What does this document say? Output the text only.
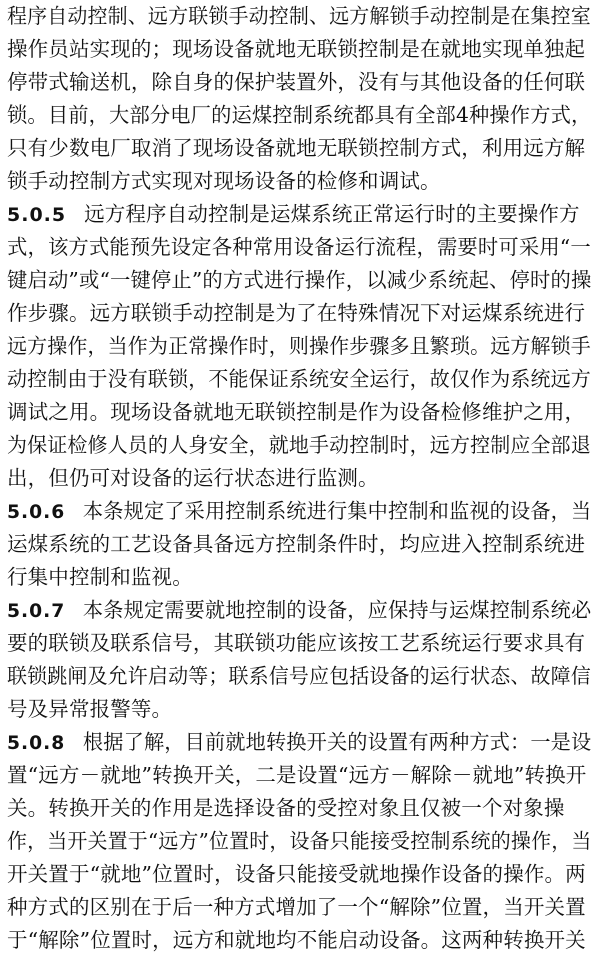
程序自动控制、远方联锁手动控制、远方解锁手动控制是在集控室
操作员站实现的；现场设备就地无联锁控制是在就地实现单独起
停带式输送机，除自身的保护装置外，没有与其他设备的任何联
锁。目前，大部分电厂的运煤控制系统都具有全部4种操作方式，
只有少数电厂取消了现场设备就地无联锁控制方式，利用远方解
锁手动控制方式实现对现场设备的检修和调试。
5.0.5 远方程序自动控制是运煤系统正常运行时的主要操作方
式，该方式能预先设定各种常用设备运行流程，需要时可采用“一
键启动”或“一键停止”的方式进行操作，以减少系统起、停时的操
作步骤。远方联锁手动控制是为了在特殊情况下对运煤系统进行
远方操作，当作为正常操作时，则操作步骤多且繁琐。远方解锁手
动控制由于没有联锁，不能保证系统安全运行，故仅作为系统远方
调试之用。现场设备就地无联锁控制是作为设备检修维护之用，
为保证检修人员的人身安全，就地手动控制时，远方控制应全部退
出，但仍可对设备的运行状态进行监测。
5.0.6 本条规定了采用控制系统进行集中控制和监视的设备，当
运煤系统的工艺设备具备远方控制条件时，均应进入控制系统进
行集中控制和监视。
5.0.7 本条规定需要就地控制的设备，应保持与运煤控制系统必
要的联锁及联系信号，其联锁功能应该按工艺系统运行要求具有
联锁跳闸及允许启动等；联系信号应包括设备的运行状态、故障信
号及异常报警等。
5.0.8 根据了解，目前就地转换开关的设置有两种方式：一是设
置“远方－就地”转换开关，二是设置“远方－解除－就地”转换开
关。转换开关的作用是选择设备的受控对象且仅被一个对象操
作，当开关置于“远方”位置时，设备只能接受控制系统的操作，当
开关置于“就地”位置时，设备只能接受就地操作设备的操作。两
种方式的区别在于后一种方式增加了一个“解除”位置，当开关置
于“解除”位置时，远方和就地均不能启动设备。这两种转换开关
